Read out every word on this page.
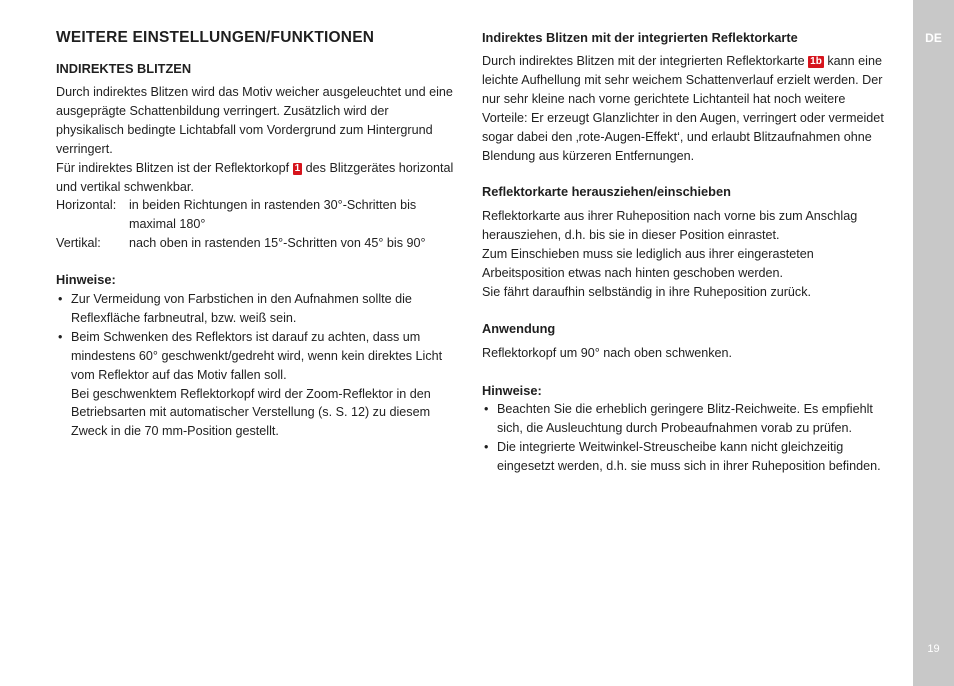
WEITERE EINSTELLUNGEN/FUNKTIONEN
INDIREKTES BLITZEN

Durch indirektes Blitzen wird das Motiv weicher ausgeleuchtet und eine ausgeprägte Schattenbildung verringert. Zusätzlich wird der physikalisch bedingte Lichtabfall vom Vordergrund zum Hintergrund verringert.

Für indirektes Blitzen ist der Reflektorkopf 1 des Blitzgerätes horizontal und vertikal schwenkbar.

Horizontal:	in beiden Richtungen in rastenden 30°-Schritten bis maximal 180°

Vertikal:	nach oben in rastenden 15°-Schritten von 45° bis 90°

Hinweise:
• Zur Vermeidung von Farbstichen in den Aufnahmen sollte die Reflexfläche farbneutral, bzw. weiß sein.
• Beim Schwenken des Reflektors ist darauf zu achten, dass um mindestens 60° geschwenkt/gedreht wird, wenn kein direktes Licht vom Reflektor auf das Motiv fallen soll.
Bei geschwenktem Reflektorkopf wird der Zoom-Reflektor in den Betriebsarten mit automatischer Verstellung (s. S. 12) zu diesem Zweck in die 70 mm-Position gestellt.
Indirektes Blitzen mit der integrierten Reflektorkarte

Durch indirektes Blitzen mit der integrierten Reflektorkarte 1b kann eine leichte Aufhellung mit sehr weichem Schattenverlauf erzielt werden. Der nur sehr kleine nach vorne gerichtete Lichtanteil hat noch weitere Vorteile: Er erzeugt Glanzlichter in den Augen, verringert oder vermeidet sogar dabei den ‚rote-Augen-Effekt‘, und erlaubt Blitzaufnahmen ohne Blendung aus kürzeren Entfernungen.

Reflektorkarte herausziehen/einschieben

Reflektorkarte aus ihrer Ruheposition nach vorne bis zum Anschlag herausziehen, d.h. bis sie in dieser Position einrastet.

Zum Einschieben muss sie lediglich aus ihrer eingerasteten Arbeitsposition etwas nach hinten geschoben werden.

Sie fährt daraufhin selbständig in ihre Ruheposition zurück.

Anwendung

Reflektorkopf um 90° nach oben schwenken.

Hinweise:
• Beachten Sie die erheblich geringere Blitz-Reichweite. Es empfiehlt sich, die Ausleuchtung durch Probeaufnahmen vorab zu prüfen.
• Die integrierte Weitwinkel-Streuscheibe kann nicht gleichzeitig eingesetzt werden, d.h. sie muss sich in ihrer Ruheposition befinden.
DE
19
